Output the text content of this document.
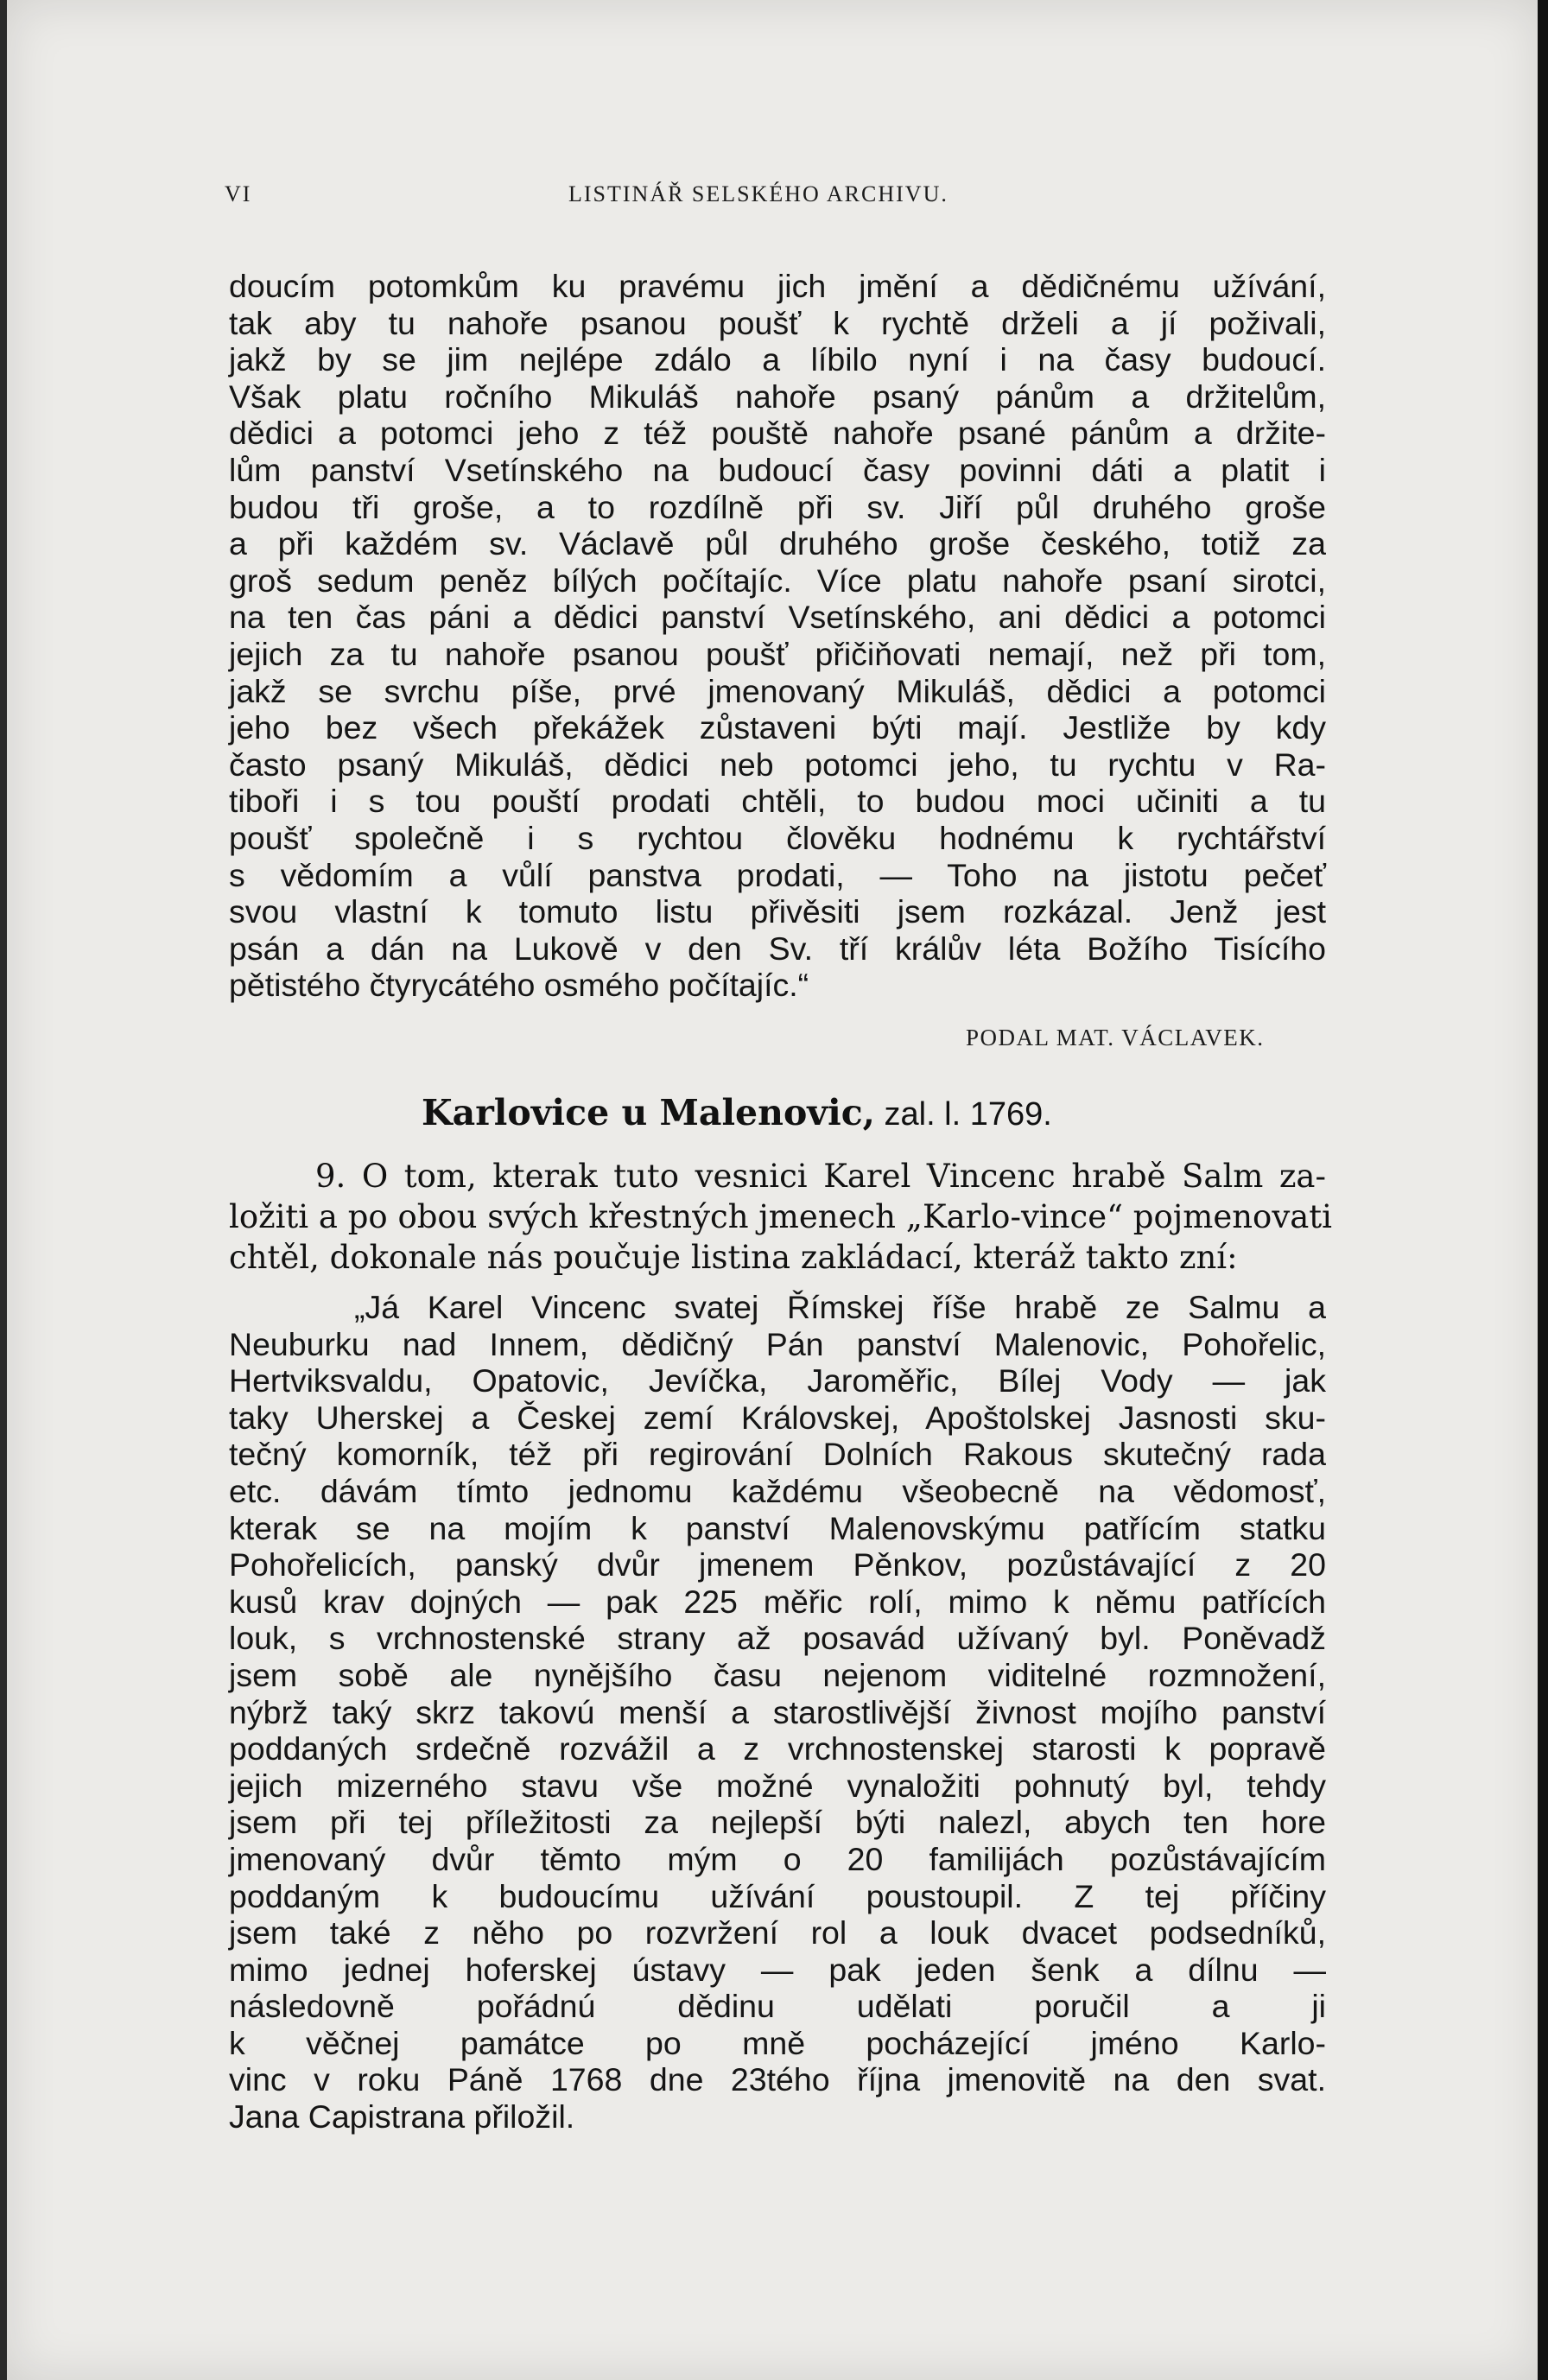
VI	LISTINÁŘ SELSKÉHO ARCHIVU.
doucím potomkům ku pravému jich jmění a dědičnému užívání,
tak aby tu nahoře psanou poušť k rychtě drželi a jí poživali,
jakž by se jim nejlépe zdálo a líbilo nyní i na časy budoucí.
Však platu ročního Mikuláš nahoře psaný pánům a držitelům,
dědici a potomci jeho z též pouště nahoře psané pánům a držite-
lům panství Vsetínského na budoucí časy povinni dáti a platit i
budou tři groše, a to rozdílně při sv. Jiří půl druhého groše
a při každém sv. Václavě půl druhého groše českého, totiž za
groš sedum peněz bílých počítajíc. Více platu nahoře psaní sirotci,
na ten čas páni a dědici panství Vsetínského, ani dědici a potomci
jejich za tu nahoře psanou poušť přičiňovati nemají, než při tom,
jakž se svrchu píše, prvé jmenovaný Mikuláš, dědici a potomci
jeho bez všech překážek zůstaveni býti mají. Jestliže by kdy
často psaný Mikuláš, dědici neb potomci jeho, tu rychtu v Ra-
tiboři i s tou pouští prodati chtěli, to budou moci učiniti a tu
poušť společně i s rychtou člověku hodnému k rychtářství
s vědomím a vůlí panstva prodati, — Toho na jistotu pečeť
svou vlastní k tomuto listu přivěsiti jsem rozkázal. Jenž jest
psán a dán na Lukově v den Sv. tří králův léta Božího Tisícího
pětistého čtyrycátého osmého počítajíc.“
PODAL MAT. VÁCLAVEK.
Karlovice u Malenovic, zal. l. 1769.
9. O tom, kterak tuto vesnici Karel Vincenc hrabě Salm za-
ložiti a po obou svých křestných jmenech „Karlo-vince“ pojmenovati
chtěl, dokonale nás poučuje listina zakládací, kteráž takto zní:
„Já Karel Vincenc svatej Římskej říše hrabě ze Salmu a
Neuburku nad Innem, dědičný Pán panství Malenovic, Pohořelic,
Hertviksvaldu, Opatovic, Jevíčka, Jaroměřic, Bílej Vody — jak
taky Uherskej a Českej zemí Královskej, Apoštolskej Jasnosti sku-
tečný komorník, též při regirování Dolních Rakous skutečný rada
etc. dávám tímto jednomu každému všeobecně na vědomosť,
kterak se na mojím k panství Malenovskýmu patřícím statku
Pohořelicích, panský dvůr jmenem Pěnkov, pozůstávající z 20
kusů krav dojných — pak 225 měřic rolí, mimo k němu patřících
louk, s vrchnostenské strany až posavád užívaný byl. Poněvadž
jsem sobě ale nynějšího času nejenom viditelné rozmnožení,
nýbrž taký skrz takovú menší a starostlivější živnost mojího panství
poddaných srdečně rozvážil a z vrchnostenskej starosti k popravě
jejich mizerného stavu vše možné vynaložiti pohnutý byl, tehdy
jsem při tej příležitosti za nejlepší býti nalezl, abych ten hore
jmenovaný dvůr těmto mým o 20 familijách pozůstávajícím
poddaným k budoucímu užívání poustoupil. Z tej příčiny
jsem také z něho po rozvržení rol a louk dvacet podsedníků,
mimo jednej hoferskej ústavy — pak jeden šenk a dílnu —
následovně pořádnú dědinu udělati poručil a ji
k věčnej památce po mně pocházející jméno Karlo-
vinc v roku Páně 1768 dne 23tého října jmenovitě na den svat.
Jana Capistrana přiložil.
